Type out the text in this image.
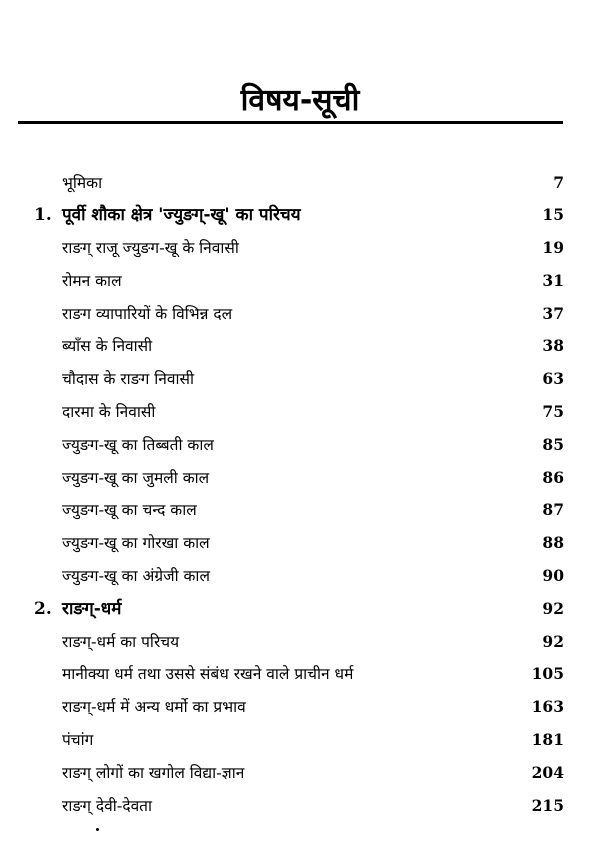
विषय-सूची
भूमिका	7
1. पूर्वी शौका क्षेत्र 'ज्युङग्-खू' का परिचय	15
राङग् राजू ज्युङग-खू के निवासी	19
रोमन काल	31
राङग व्यापारियों के विभिन्न दल	37
ब्याँस के निवासी	38
चौदास के राङग निवासी	63
दारमा के निवासी	75
ज्युङग-खू का तिब्बती काल	85
ज्युङग-खू का जुमली काल	86
ज्युङग-खू का चन्द काल	87
ज्युङग-खू का गोरखा काल	88
ज्युङग-खू का अंग्रेजी काल	90
2. राङग्-धर्म	92
राङग्-धर्म का परिचय	92
मानीक्या धर्म तथा उससे संबंध रखने वाले प्राचीन धर्म	105
राङग्-धर्म में अन्य धर्मो का प्रभाव	163
पंचांग	181
राङग् लोगों का खगोल विद्या-ज्ञान	204
राङग् देवी-देवता	215
